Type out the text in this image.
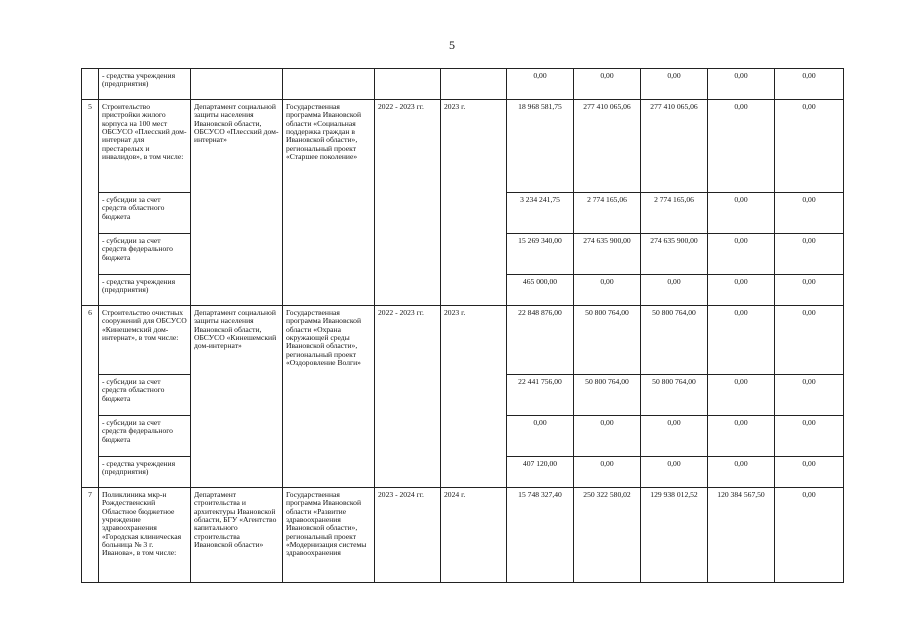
5
	- средства учреждения (предприятия)					0,00	0,00	0,00	0,00	0,00
5	Строительство пристройки жилого корпуса на 100 мест ОБСУСО «Плесский дом-интернат для престарелых и инвалидов», в том числе:	Департамент социальной защиты населения Ивановской области, ОБСУСО «Плесский дом-интернат»	Государственная программа Ивановской области «Социальная поддержка граждан в Ивановской области», региональный проект «Старшее поколение»	2022 - 2023 гг.	2023 г.	18 968 581,75	277 410 065,06	277 410 065,06	0,00	0,00
	- субсидии за счет средств областного бюджета					3 234 241,75	2 774 165,06	2 774 165,06	0,00	0,00
	- субсидии за счет средств федерального бюджета					15 269 340,00	274 635 900,00	274 635 900,00	0,00	0,00
	- средства учреждения (предприятия)					465 000,00	0,00	0,00	0,00	0,00
6	Строительство очистных сооружений для ОБСУСО «Кинешемский дом-интернат», в том числе:	Департамент социальной защиты населения Ивановской области, ОБСУСО «Кинешемский дом-интернат»	Государственная программа Ивановской области «Охрана окружающей среды Ивановской области», региональный проект «Оздоровление Волги»	2022 - 2023 гг.	2023 г.	22 848 876,00	50 800 764,00	50 800 764,00	0,00	0,00
	- субсидии за счет средств областного бюджета					22 441 756,00	50 800 764,00	50 800 764,00	0,00	0,00
	- субсидии за счет средств федерального бюджета					0,00	0,00	0,00	0,00	0,00
	- средства учреждения (предприятия)					407 120,00	0,00	0,00	0,00	0,00
7	Поликлиника мкр-н Рождественский Областное бюджетное учреждение здравоохранения «Городская клиническая больница № 3 г. Иванова», в том числе:	Департамент строительства и архитектуры Ивановской области, БГУ «Агентство капитального строительства Ивановской области»	Государственная программа Ивановской области «Развитие здравоохранения Ивановской области», региональный проект «Модернизация системы здравоохранения	2023 - 2024 гг.	2024 г.	15 748 327,40	250 322 580,02	129 938 012,52	120 384 567,50	0,00
